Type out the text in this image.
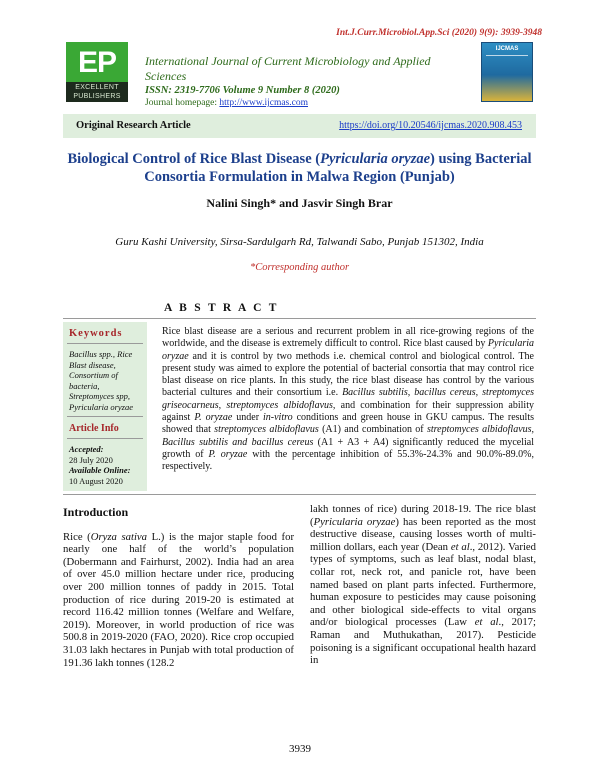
Int.J.Curr.Microbiol.App.Sci (2020) 9(9): 3939-3948
EP
EXCELLENT PUBLISHERS
International Journal of Current Microbiology and Applied Sciences
ISSN: 2319-7706 Volume 9 Number 8 (2020)
Journal homepage: http://www.ijcmas.com
IJCMAS
Original Research Article	https://doi.org/10.20546/ijcmas.2020.908.453
Biological Control of Rice Blast Disease (Pyricularia oryzae) using Bacterial
Consortia Formulation in Malwa Region (Punjab)
Nalini Singh* and Jasvir Singh Brar
Guru Kashi University, Sirsa-Sardulgarh Rd, Talwandi Sabo, Punjab 151302, India
*Corresponding author
A B S T R A C T
Keywords
Bacillus spp., Rice Blast disease, Consortium of bacteria, Streptomyces spp, Pyricularia oryzae
Article Info
Accepted:
28 July 2020
Available Online:
10 August 2020
Rice blast disease are a serious and recurrent problem in all rice-growing regions of the worldwide, and the disease is extremely difficult to control. Rice blast caused by Pyricularia oryzae and it is control by two methods i.e. chemical control and biological control. The present study was aimed to explore the potential of bacterial consortia that may control rice blast disease on rice plants. In this study, the rice blast disease has control by the various bacterial cultures and their consortium i.e. Bacillus subtilis, bacillus cereus, streptomyces griseocarneus, streptomyces albidoflavus, and combination for their suppression ability against P. oryzae under in-vitro conditions and green house in GKU campus. The results showed that streptomyces albidoflavus (A1) and combination of streptomyces albidoflavus, Bacillus subtilis and bacillus cereus (A1 + A3 + A4) significantly reduced the mycelial growth of P. oryzae with the percentage inhibition of 55.3%-24.3% and 90.0%-89.0%, respectively.
Introduction
Rice (Oryza sativa L.) is the major staple food for nearly one half of the world’s population (Dobermann and Fairhurst, 2002). India had an area of over 45.0 million hectare under rice, producing over 200 million tonnes of paddy in 2015. Total production of rice during 2019-20 is estimated at record 116.42 million tonnes (Welfare and Welfare, 2019). Moreover, in world production of rice was 500.8 in 2019-2020 (FAO, 2020). Rice crop occupied 31.03 lakh hectares in Punjab with total production of 191.36 lakh tonnes (128.2
lakh tonnes of rice) during 2018-19. The rice blast (Pyricularia oryzae) has been reported as the most destructive disease, causing losses worth of multi-million dollars, each year (Dean et al., 2012). Varied types of symptoms, such as leaf blast, nodal blast, collar rot, neck rot, and panicle rot, have been named based on plant parts infected. Furthermore, human exposure to pesticides may cause poisoning and other biological side-effects to vital organs and/or biological processes (Law et al., 2017; Raman and Muthukathan, 2017). Pesticide poisoning is a significant occupational health hazard in
3939
